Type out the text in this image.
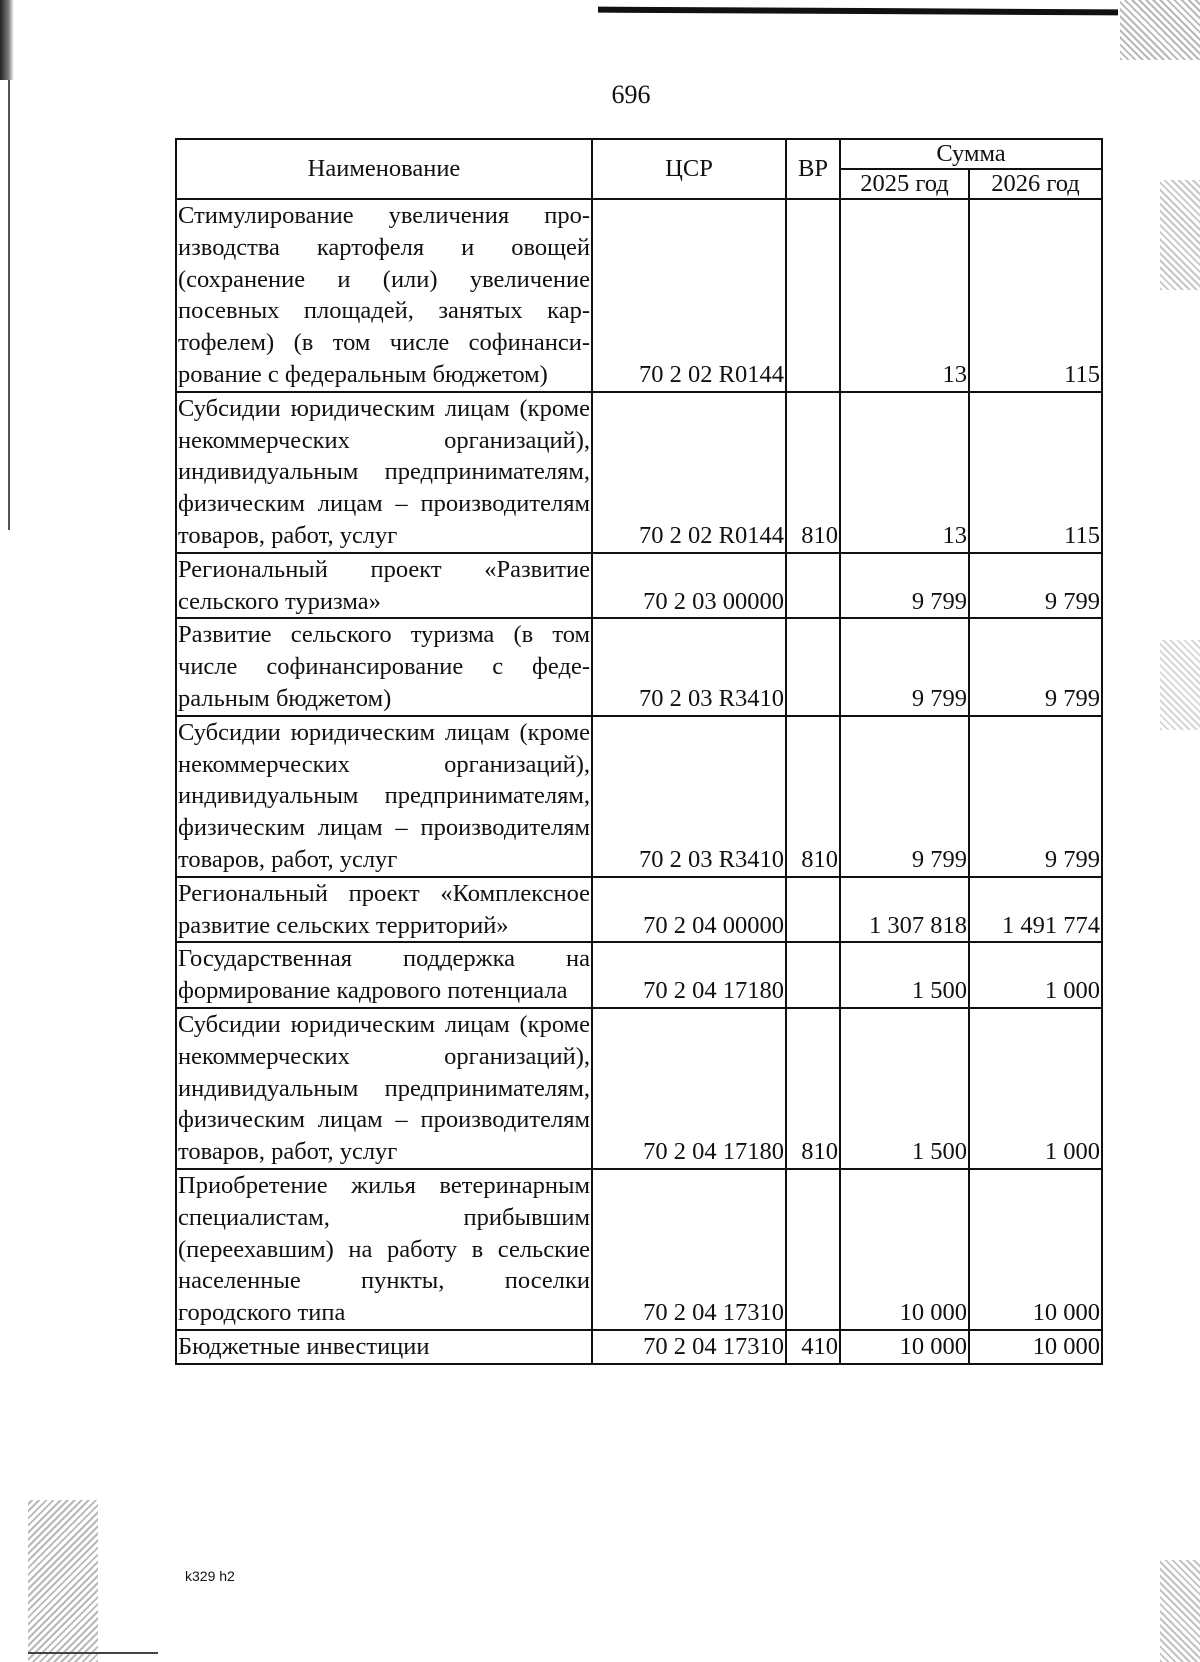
696
Наименование	ЦСР	ВР	Сумма	
			2025 год	2026 год
Стимулирование увеличения производства картофеля и овощей (сохранение и (или) увеличение посевных площадей, занятых картофелем) (в том числе софинансирование с федеральным бюджетом)	70 2 02 R0144		13	115
Субсидии юридическим лицам (кроме некоммерческих организаций), индивидуальным предпринимателям, физическим лицам – производителям товаров, работ, услуг	70 2 02 R0144	810	13	115
Региональный проект «Развитие сельского туризма»	70 2 03 00000		9 799	9 799
Развитие сельского туризма (в том числе софинансирование с федеральным бюджетом)	70 2 03 R3410		9 799	9 799
Субсидии юридическим лицам (кроме некоммерческих организаций), индивидуальным предпринимателям, физическим лицам – производителям товаров, работ, услуг	70 2 03 R3410	810	9 799	9 799
Региональный проект «Комплексное развитие сельских территорий»	70 2 04 00000		1 307 818	1 491 774
Государственная поддержка на формирование кадрового потенциала	70 2 04 17180		1 500	1 000
Субсидии юридическим лицам (кроме некоммерческих организаций), индивидуальным предпринимателям, физическим лицам – производителям товаров, работ, услуг	70 2 04 17180	810	1 500	1 000
Приобретение жилья ветеринарным специалистам, прибывшим (переехавшим) на работу в сельские населенные пункты, поселки городского типа	70 2 04 17310		10 000	10 000
Бюджетные инвестиции	70 2 04 17310	410	10 000	10 000
k329 h2
